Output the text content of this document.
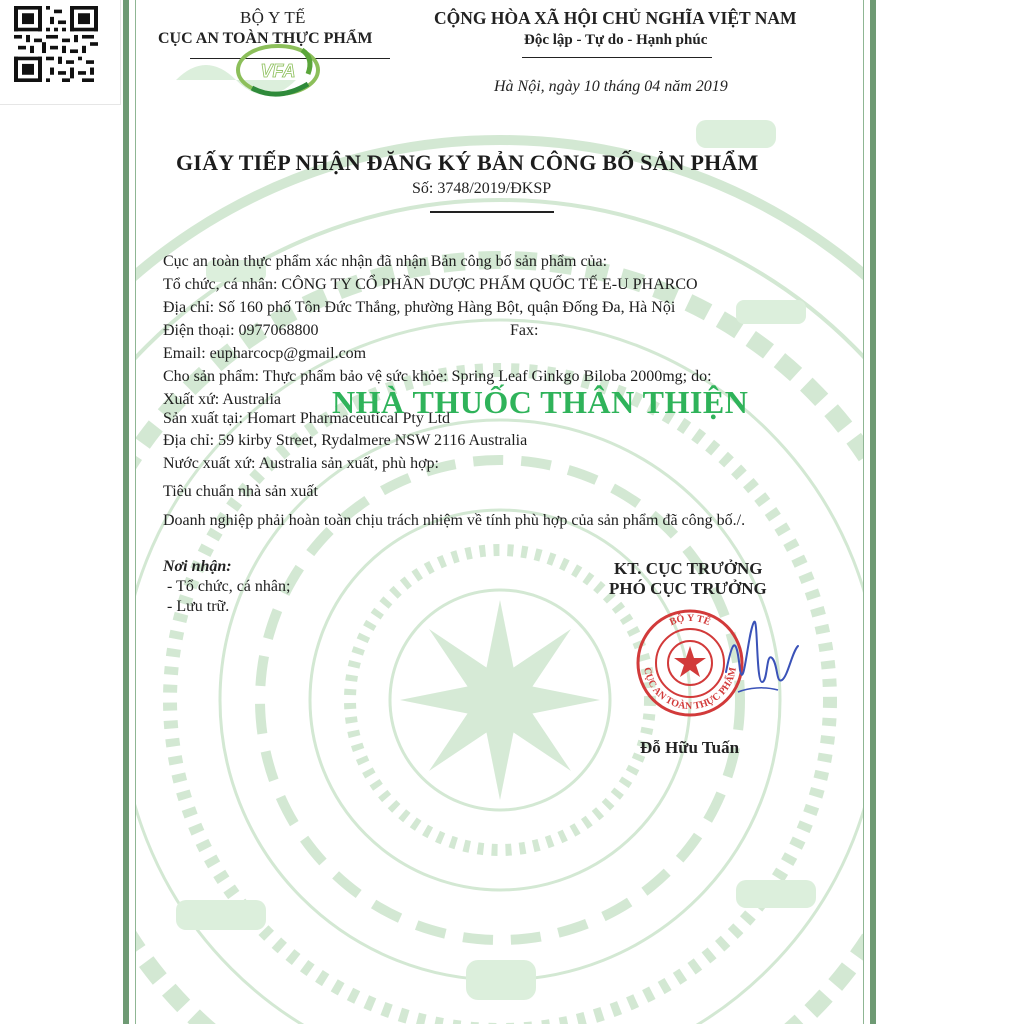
BỘ Y TẾ
CỤC AN TOÀN THỰC PHẨM
VFA
CỘNG HÒA XÃ HỘI CHỦ NGHĨA VIỆT NAM
Độc lập - Tự do - Hạnh phúc
Hà Nội, ngày 10 tháng 04 năm 2019
GIẤY TIẾP NHẬN ĐĂNG KÝ BẢN CÔNG BỐ SẢN PHẨM
Số: 3748/2019/ĐKSP
Cục an toàn thực phẩm xác nhận đã nhận Bản công bố sản phẩm của:
Tổ chức, cá nhân: CÔNG TY CỔ PHẦN DƯỢC PHẨM QUỐC TẾ E-U PHARCO
Địa chỉ: Số 160 phố Tôn Đức Thắng, phường Hàng Bột, quận Đống Đa, Hà Nội
Điện thoại: 0977068800	Fax:
Email: eupharcocp@gmail.com
Cho sản phẩm: Thực phẩm bảo vệ sức khỏe: Spring Leaf Ginkgo Biloba 2000mg; do:
Xuất xứ: Australia
Sản xuất tại: Homart Pharmaceutical Pty Ltd
Địa chỉ: 59 kirby Street, Rydalmere NSW 2116 Australia
Nước xuất xứ: Australia sản xuất, phù hợp:
Tiêu chuẩn nhà sản xuất
Doanh nghiệp phải hoàn toàn chịu trách nhiệm về tính phù hợp của sản phẩm đã công bố./.
NHÀ THUỐC THÂN THIỆN
Nơi nhận:
- Tổ chức, cá nhân;
- Lưu trữ.
KT. CỤC TRƯỞNG
PHÓ CỤC TRƯỞNG
BỘ Y TẾ
CỤC AN TOÀN THỰC PHẨM
Đỗ Hữu Tuấn
